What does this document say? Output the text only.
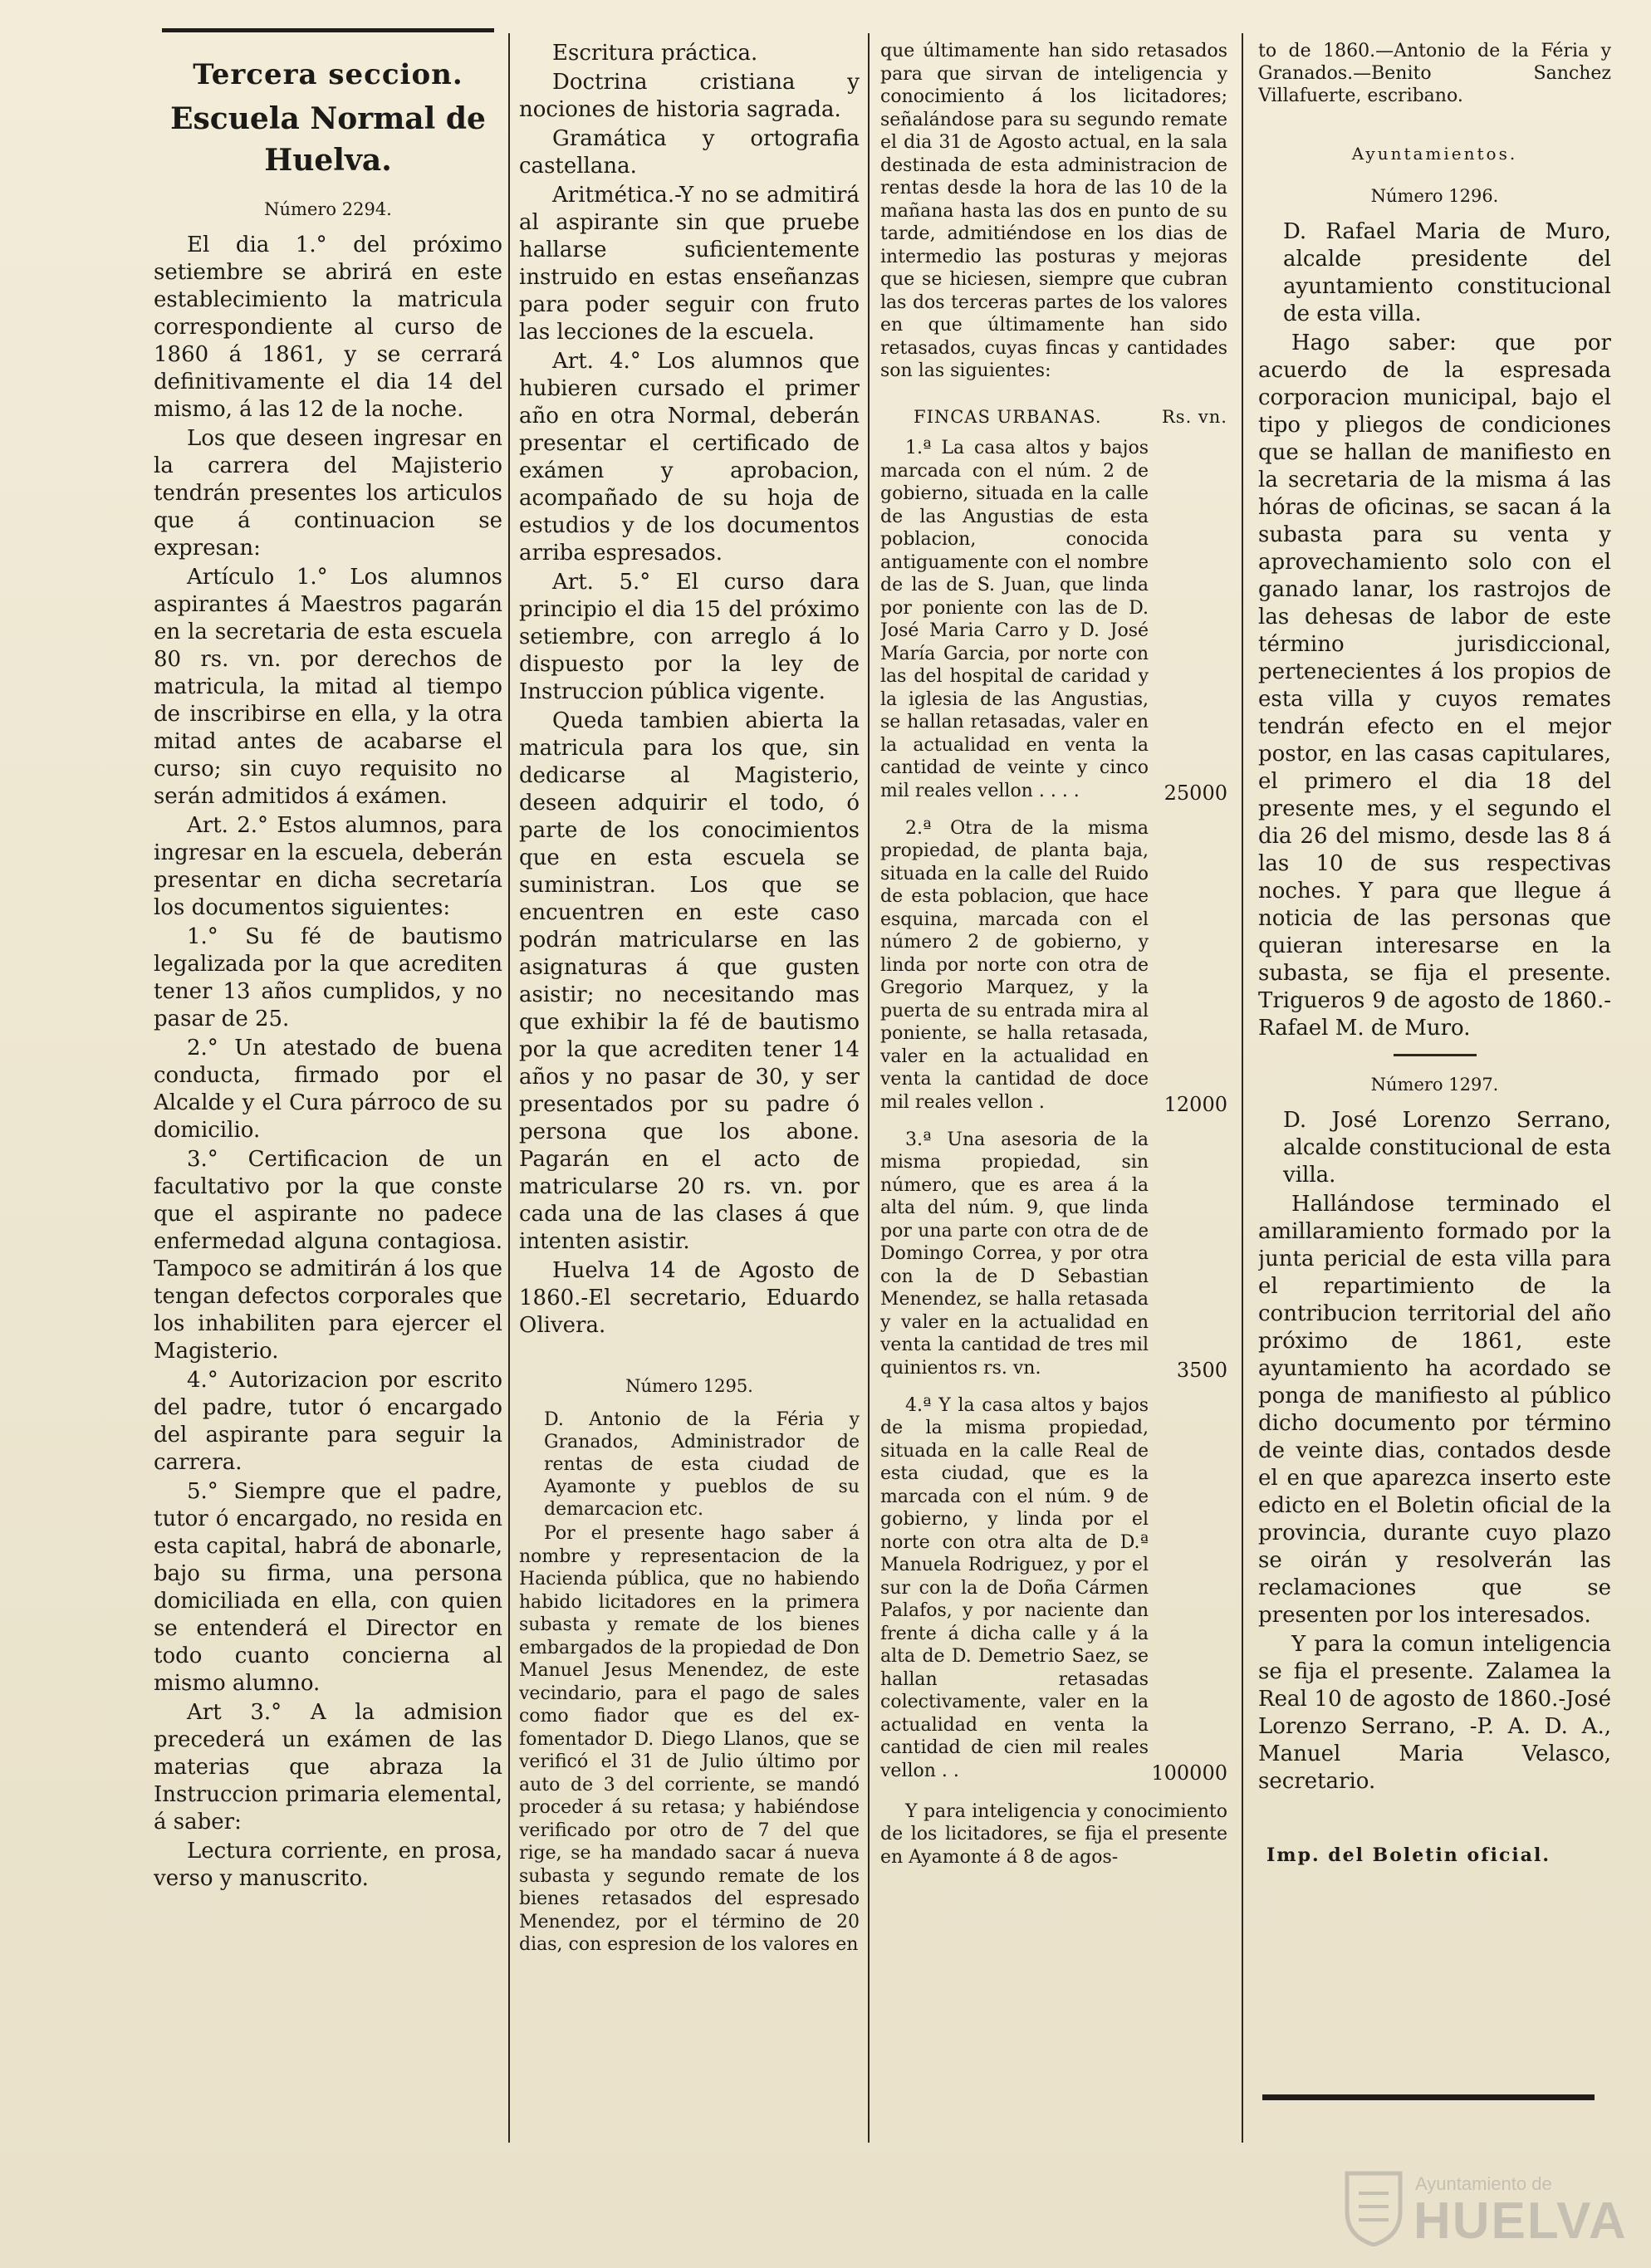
Tercera seccion.
Escuela Normal de Huelva.
Número 2294.

El dia 1.° del próximo setiembre se abrirá en este establecimiento la matricula correspondiente al curso de 1860 á 1861, y se cerrará definitivamente el dia 14 del mismo, á las 12 de la noche.

Los que deseen ingresar en la carrera del Majisterio tendrán presentes los articulos que á continuacion se expresan:

Artículo 1.° Los alumnos aspirantes á Maestros pagarán en la secretaria de esta escuela 80 rs. vn. por derechos de matricula, la mitad al tiempo de inscribirse en ella, y la otra mitad antes de acabarse el curso; sin cuyo requisito no serán admitidos á exámen.

Art. 2.° Estos alumnos, para ingresar en la escuela, deberán presentar en dicha secretaría los documentos siguientes:

1.° Su fé de bautismo legalizada por la que acrediten tener 13 años cumplidos, y no pasar de 25.

2.° Un atestado de buena conducta, firmado por el Alcalde y el Cura párroco de su domicilio.

3.° Certificacion de un facultativo por la que conste que el aspirante no padece enfermedad alguna contagiosa. Tampoco se admitirán á los que tengan defectos corporales que los inhabiliten para ejercer el Magisterio.

4.° Autorizacion por escrito del padre, tutor ó encargado del aspirante para seguir la carrera.

5.° Siempre que el padre, tutor ó encargado, no resida en esta capital, habrá de abonarle, bajo su firma, una persona domiciliada en ella, con quien se entenderá el Director en todo cuanto concierna al mismo alumno.

Art 3.° A la admision precederá un exámen de las materias que abraza la Instruccion primaria elemental, á saber:

Lectura corriente, en prosa, verso y manuscrito.

Escritura práctica.

Doctrina cristiana y nociones de historia sagrada.

Gramática y ortografia castellana.

Aritmética.-Y no se admitirá al aspirante sin que pruebe hallarse suficientemente instruido en estas enseñanzas para poder seguir con fruto las lecciones de la escuela.

Art. 4.° Los alumnos que hubieren cursado el primer año en otra Normal, deberán presentar el certificado de exámen y aprobacion, acompañado de su hoja de estudios y de los documentos arriba espresados.

Art. 5.° El curso dara principio el dia 15 del próximo setiembre, con arreglo á lo dispuesto por la ley de Instruccion pública vigente.

Queda tambien abierta la matricula para los que, sin dedicarse al Magisterio, deseen adquirir el todo, ó parte de los conocimientos que en esta escuela se suministran. Los que se encuentren en este caso podrán matricularse en las asignaturas á que gusten asistir; no necesitando mas que exhibir la fé de bautismo por la que acrediten tener 14 años y no pasar de 30, y ser presentados por su padre ó persona que los abone. Pagarán en el acto de matricularse 20 rs. vn. por cada una de las clases á que intenten asistir.

Huelva 14 de Agosto de 1860.-El secretario, Eduardo Olivera.

Número 1295.

D. Antonio de la Féria y Granados, Administrador de rentas de esta ciudad de Ayamonte y pueblos de su demarcacion etc.

Por el presente hago saber á nombre y representacion de la Hacienda pública, que no habiendo habido licitadores en la primera subasta y remate de los bienes embargados de la propiedad de Don Manuel Jesus Menendez, de este vecindario, para el pago de sales como fiador que es del ex-fomentador D. Diego Llanos, que se verificó el 31 de Julio último por auto de 3 del corriente, se mandó proceder á su retasa; y habiéndose verificado por otro de 7 del que rige, se ha mandado sacar á nueva subasta y segundo remate de los bienes retasados del espresado Menendez, por el término de 20 dias, con espresion de los valores en

que últimamente han sido retasados para que sirvan de inteligencia y conocimiento á los licitadores; señalándose para su segundo remate el dia 31 de Agosto actual, en la sala destinada de esta administracion de rentas desde la hora de las 10 de la mañana hasta las dos en punto de su tarde, admitiéndose en los dias de intermedio las posturas y mejoras que se hiciesen, siempre que cubran las dos terceras partes de los valores en que últimamente han sido retasados, cuyas fincas y cantidades son las siguientes:

FINCAS URBANAS.	Rs. vn.

1.ª La casa altos y bajos marcada con el núm. 2 de gobierno, situada en la calle de las Angustias de esta poblacion, conocida antiguamente con el nombre de las de S. Juan, que linda por poniente con las de D. José Maria Carro y D. José María Garcia, por norte con las del hospital de caridad y la iglesia de las Angustias, se hallan retasadas, valer en la actualidad en venta la cantidad de veinte y cinco mil reales vellon . . . .	25000

2.ª Otra de la misma propiedad, de planta baja, situada en la calle del Ruido de esta poblacion, que hace esquina, marcada con el número 2 de gobierno, y linda por norte con otra de Gregorio Marquez, y la puerta de su entrada mira al poniente, se halla retasada, valer en la actualidad en venta la cantidad de doce mil reales vellon .	12000

3.ª Una asesoria de la misma propiedad, sin número, que es area á la alta del núm. 9, que linda por una parte con otra de de Domingo Correa, y por otra con la de D Sebastian Menendez, se halla retasada y valer en la actualidad en venta la cantidad de tres mil quinientos rs. vn.	3500

4.ª Y la casa altos y bajos de la misma propiedad, situada en la calle Real de esta ciudad, que es la marcada con el núm. 9 de gobierno, y linda por el norte con otra alta de D.ª Manuela Rodriguez, y por el sur con la de Doña Cármen Palafos, y por naciente dan frente á dicha calle y á la alta de D. Demetrio Saez, se hallan retasadas colectivamente, valer en la actualidad en venta la cantidad de cien mil reales vellon . .	100000

Y para inteligencia y conocimiento de los licitadores, se fija el presente en Ayamonte á 8 de agos-

to de 1860.—Antonio de la Féria y Granados.—Benito Sanchez Villafuerte, escribano.

Ayuntamientos.
Número 1296.

D. Rafael Maria de Muro, alcalde presidente del ayuntamiento constitucional de esta villa.

Hago saber: que por acuerdo de la espresada corporacion municipal, bajo el tipo y pliegos de condiciones que se hallan de manifiesto en la secretaria de la misma á las hóras de oficinas, se sacan á la subasta para su venta y aprovechamiento solo con el ganado lanar, los rastrojos de las dehesas de labor de este término jurisdiccional, pertenecientes á los propios de esta villa y cuyos remates tendrán efecto en el mejor postor, en las casas capitulares, el primero el dia 18 del presente mes, y el segundo el dia 26 del mismo, desde las 8 á las 10 de sus respectivas noches. Y para que llegue á noticia de las personas que quieran interesarse en la subasta, se fija el presente. Trigueros 9 de agosto de 1860.-Rafael M. de Muro.

Número 1297.

D. José Lorenzo Serrano, alcalde constitucional de esta villa.

Hallándose terminado el amillaramiento formado por la junta pericial de esta villa para el repartimiento de la contribucion territorial del año próximo de 1861, este ayuntamiento ha acordado se ponga de manifiesto al público dicho documento por término de veinte dias, contados desde el en que aparezca inserto este edicto en el Boletin oficial de la provincia, durante cuyo plazo se oirán y resolverán las reclamaciones que se presenten por los interesados.

Y para la comun inteligencia se fija el presente. Zalamea la Real 10 de agosto de 1860.-José Lorenzo Serrano, -P. A. D. A., Manuel Maria Velasco, secretario.

Imp. del Boletin oficial.
Ayuntamiento de
HUELVA
